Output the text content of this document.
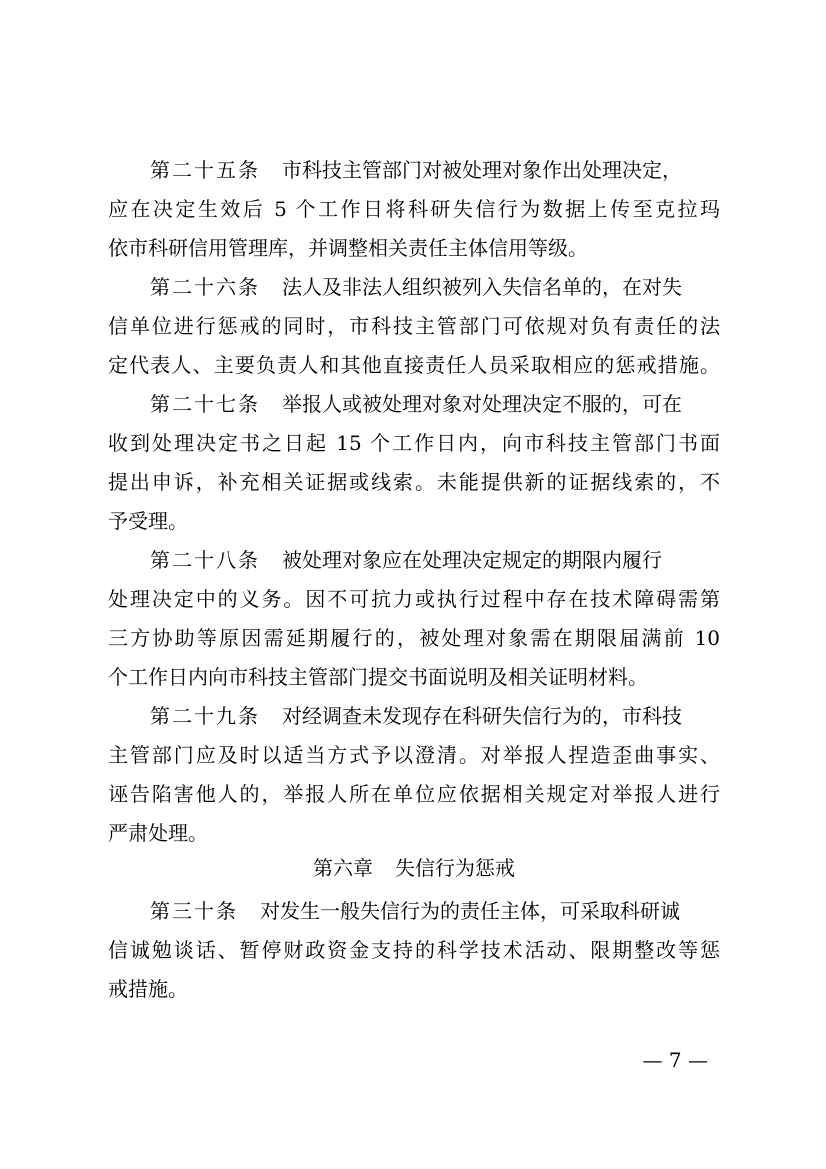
第二十五条 市科技主管部门对被处理对象作出处理决定，
应在决定生效后 5 个工作日将科研失信行为数据上传至克拉玛
依市科研信用管理库，并调整相关责任主体信用等级。
第二十六条 法人及非法人组织被列入失信名单的，在对失
信单位进行惩戒的同时，市科技主管部门可依规对负有责任的法
定代表人、主要负责人和其他直接责任人员采取相应的惩戒措施。
第二十七条 举报人或被处理对象对处理决定不服的，可在
收到处理决定书之日起 15 个工作日内，向市科技主管部门书面
提出申诉，补充相关证据或线索。未能提供新的证据线索的，不
予受理。
第二十八条 被处理对象应在处理决定规定的期限内履行
处理决定中的义务。因不可抗力或执行过程中存在技术障碍需第
三方协助等原因需延期履行的，被处理对象需在期限届满前 10
个工作日内向市科技主管部门提交书面说明及相关证明材料。
第二十九条 对经调查未发现存在科研失信行为的，市科技
主管部门应及时以适当方式予以澄清。对举报人捏造歪曲事实、
诬告陷害他人的，举报人所在单位应依据相关规定对举报人进行
严肃处理。
第六章 失信行为惩戒
第三十条 对发生一般失信行为的责任主体，可采取科研诚
信诚勉谈话、暂停财政资金支持的科学技术活动、限期整改等惩
戒措施。
— 7 —
